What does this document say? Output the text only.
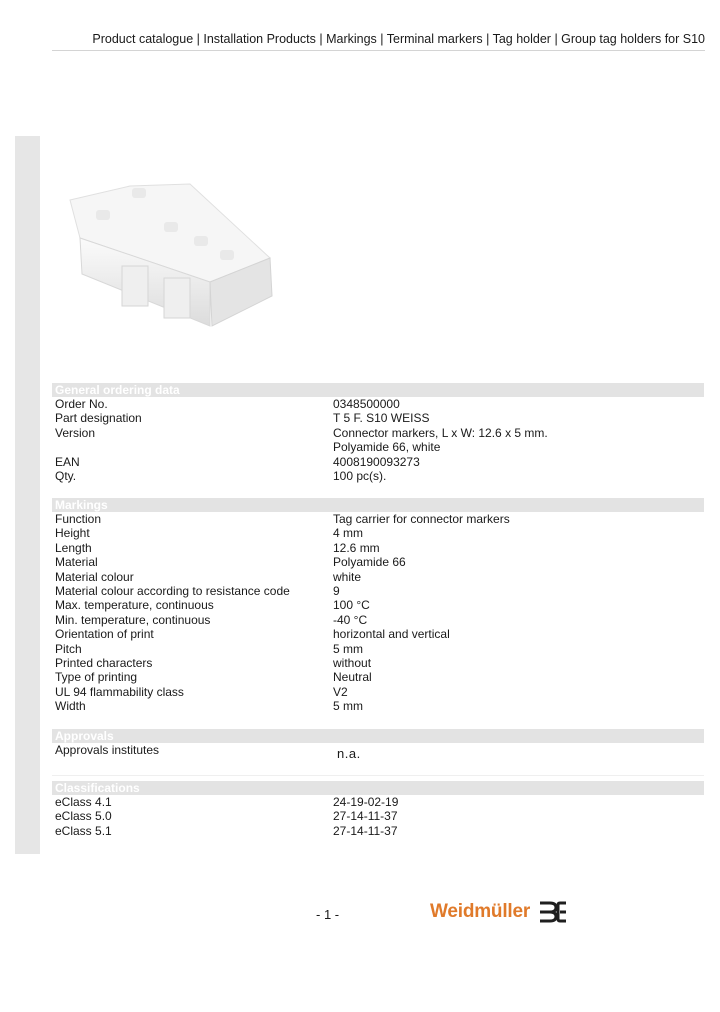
Product catalogue | Installation Products | Markings | Terminal markers | Tag holder | Group tag holders for S10
General ordering data
Order No.	0348500000
Part designation	T 5 F. S10 WEISS
Version	Connector markers, L x W: 12.6 x 5 mm.
Polyamide 66, white
EAN	4008190093273
Qty.	100 pc(s).
Markings
Function	Tag carrier for connector markers
Height	4 mm
Length	12.6 mm
Material	Polyamide 66
Material colour	white
Material colour according to resistance code	9
Max. temperature, continuous	100 °C
Min. temperature, continuous	-40 °C
Orientation of print	horizontal and vertical
Pitch	5 mm
Printed characters	without
Type of printing	Neutral
UL 94 flammability class	V2
Width	5 mm
Approvals
Approvals institutes	n.a.
Classifications
eClass 4.1	24-19-02-19
eClass 5.0	27-14-11-37
eClass 5.1	27-14-11-37
- 1 -	Weidmüller
